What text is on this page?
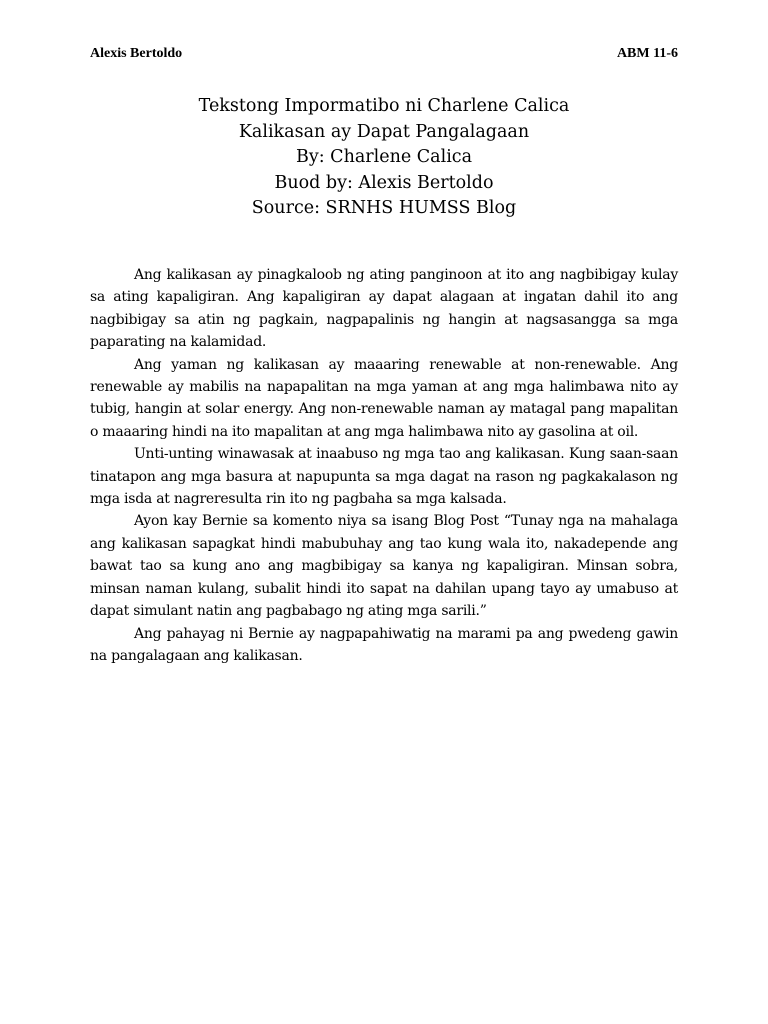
Alexis Bertoldo	ABM 11-6
Tekstong Impormatibo ni Charlene Calica
Kalikasan ay Dapat Pangalagaan
By: Charlene Calica
Buod by: Alexis Bertoldo
Source: SRNHS HUMSS Blog

Ang kalikasan ay pinagkaloob ng ating panginoon at ito ang nagbibigay kulay sa ating kapaligiran. Ang kapaligiran ay dapat alagaan at ingatan dahil ito ang nagbibigay sa atin ng pagkain, nagpapalinis ng hangin at nagsasangga sa mga paparating na kalamidad.

Ang yaman ng kalikasan ay maaaring renewable at non-renewable. Ang renewable ay mabilis na napapalitan na mga yaman at ang mga halimbawa nito ay tubig, hangin at solar energy. Ang non-renewable naman ay matagal pang mapalitan o maaaring hindi na ito mapalitan at ang mga halimbawa nito ay gasolina at oil.

Unti-unting winawasak at inaabuso ng mga tao ang kalikasan. Kung saan-saan tinatapon ang mga basura at napupunta sa mga dagat na rason ng pagkakalason ng mga isda at nagreresulta rin ito ng pagbaha sa mga kalsada.

Ayon kay Bernie sa komento niya sa isang Blog Post “Tunay nga na mahalaga ang kalikasan sapagkat hindi mabubuhay ang tao kung wala ito, nakadepende ang bawat tao sa kung ano ang magbibigay sa kanya ng kapaligiran. Minsan sobra, minsan naman kulang, subalit hindi ito sapat na dahilan upang tayo ay umabuso at dapat simulant natin ang pagbabago ng ating mga sarili.”

Ang pahayag ni Bernie ay nagpapahiwatig na marami pa ang pwedeng gawin na pangalagaan ang kalikasan.
